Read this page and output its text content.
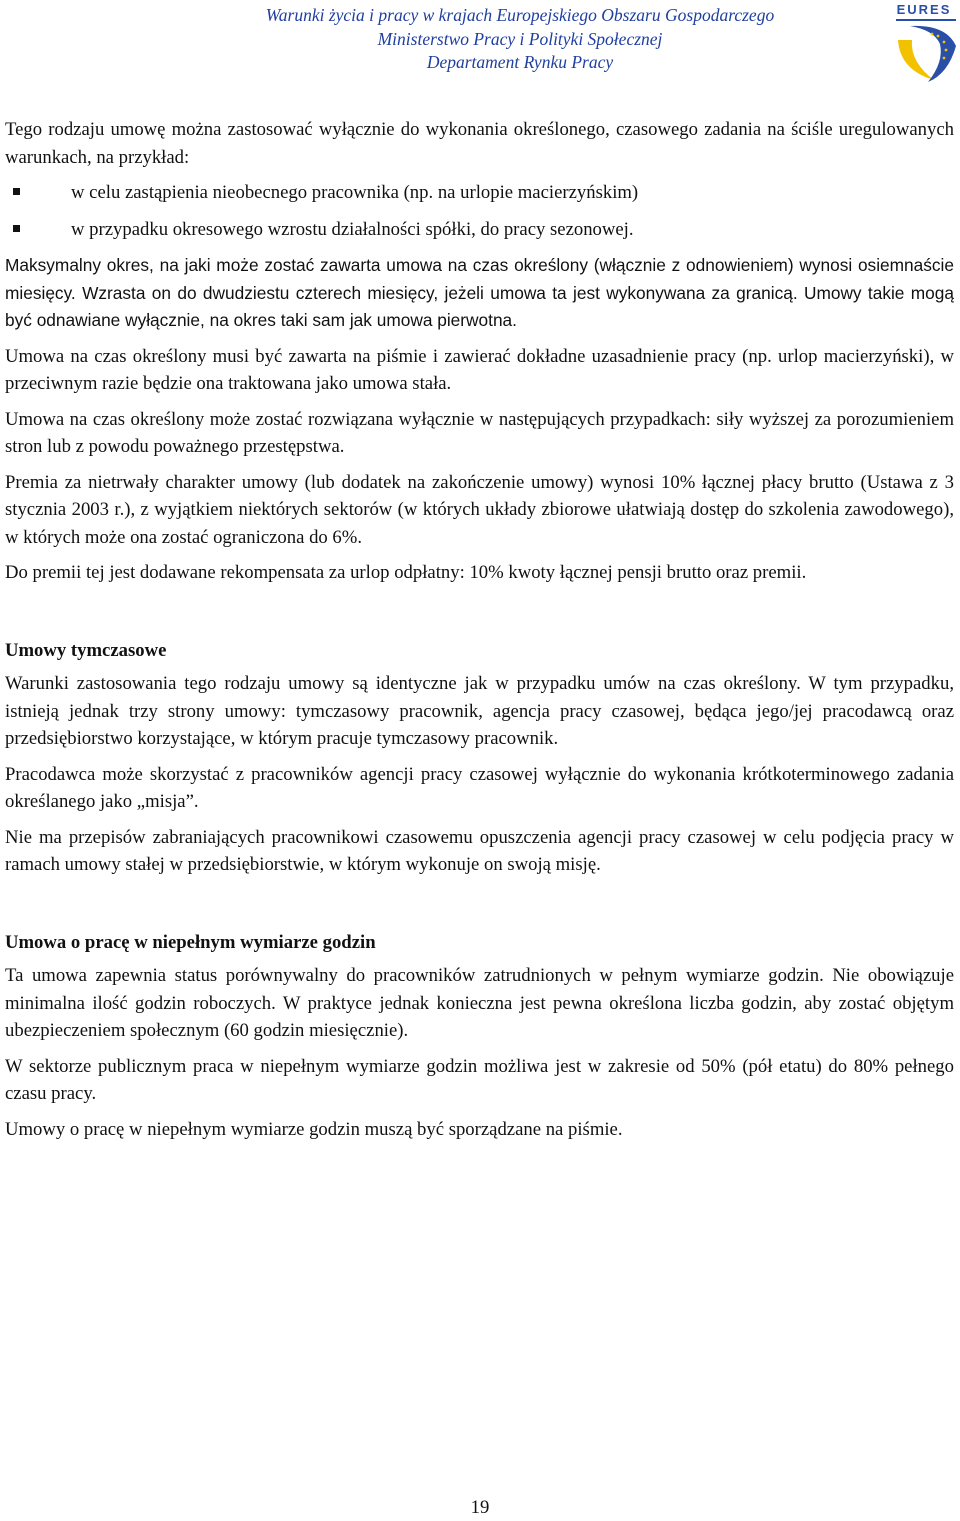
Warunki życia i pracy w krajach Europejskiego Obszaru Gospodarczego
Ministerstwo Pracy i Polityki Społecznej
Departament Rynku Pracy
EURES

Tego rodzaju umowę można zastosować wyłącznie do wykonania określonego, czasowego zadania na ściśle uregulowanych warunkach, na przykład:

w celu zastąpienia nieobecnego pracownika (np. na urlopie macierzyńskim)
w przypadku okresowego wzrostu działalności spółki, do pracy sezonowej.

Maksymalny okres, na jaki może zostać zawarta umowa na czas określony (włącznie z odnowieniem) wynosi osiemnaście miesięcy. Wzrasta on do dwudziestu czterech miesięcy, jeżeli umowa ta jest wykonywana za granicą. Umowy takie mogą być odnawiane wyłącznie, na okres taki sam jak umowa pierwotna.

Umowa na czas określony musi być zawarta na piśmie i zawierać dokładne uzasadnienie pracy (np. urlop macierzyński), w przeciwnym razie będzie ona traktowana jako umowa stała.

Umowa na czas określony może zostać rozwiązana wyłącznie w następujących przypadkach: siły wyższej za porozumieniem stron lub z powodu poważnego przestępstwa.

Premia za nietrwały charakter umowy (lub dodatek na zakończenie umowy) wynosi 10% łącznej płacy brutto (Ustawa z 3 stycznia 2003 r.), z wyjątkiem niektórych sektorów (w których układy zbiorowe ułatwiają dostęp do szkolenia zawodowego), w których może ona zostać ograniczona do 6%.

Do premii tej jest dodawane rekompensata za urlop odpłatny: 10% kwoty łącznej pensji brutto oraz premii.

Umowy tymczasowe

Warunki zastosowania tego rodzaju umowy są identyczne jak w przypadku umów na czas określony. W tym przypadku, istnieją jednak trzy strony umowy: tymczasowy pracownik, agencja pracy czasowej, będąca jego/jej pracodawcą oraz przedsiębiorstwo korzystające, w którym pracuje tymczasowy pracownik.

Pracodawca może skorzystać z pracowników agencji pracy czasowej wyłącznie do wykonania krótkoterminowego zadania określanego jako „misja”.

Nie ma przepisów zabraniających pracownikowi czasowemu opuszczenia agencji pracy czasowej w celu podjęcia pracy w ramach umowy stałej w przedsiębiorstwie, w którym wykonuje on swoją misję.

Umowa o pracę w niepełnym wymiarze godzin

Ta umowa zapewnia status porównywalny do pracowników zatrudnionych w pełnym wymiarze godzin. Nie obowiązuje minimalna ilość godzin roboczych. W praktyce jednak konieczna jest pewna określona liczba godzin, aby zostać objętym ubezpieczeniem społecznym (60 godzin miesięcznie).

W sektorze publicznym praca w niepełnym wymiarze godzin możliwa jest w zakresie od 50% (pół etatu) do 80% pełnego czasu pracy.

Umowy o pracę w niepełnym wymiarze godzin muszą być sporządzane na piśmie.

19
